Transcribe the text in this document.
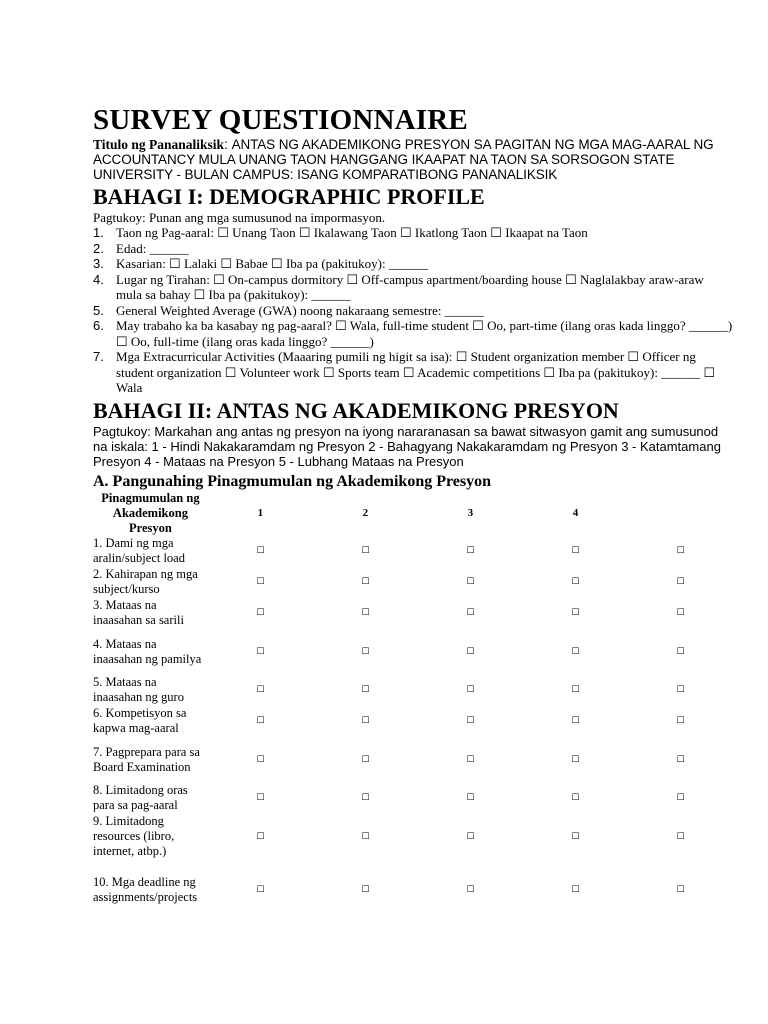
SURVEY QUESTIONNAIRE

Titulo ng Pananaliksik: ANTAS NG AKADEMIKONG PRESYON SA PAGITAN NG MGA MAG-AARAL NG ACCOUNTANCY MULA UNANG TAON HANGGANG IKAAPAT NA TAON SA SORSOGON STATE UNIVERSITY - BULAN CAMPUS: ISANG KOMPARATIBONG PANANALIKSIK

BAHAGI I: DEMOGRAPHIC PROFILE

Pagtukoy: Punan ang mga sumusunod na impormasyon.

1. Taon ng Pag-aaral: ☐ Unang Taon ☐ Ikalawang Taon ☐ Ikatlong Taon ☐ Ikaapat na Taon
2. Edad: ______
3. Kasarian: ☐ Lalaki ☐ Babae ☐ Iba pa (pakitukoy): ______
4. Lugar ng Tirahan: ☐ On-campus dormitory ☐ Off-campus apartment/boarding house ☐ Naglalakbay araw-araw mula sa bahay ☐ Iba pa (pakitukoy): ______
5. General Weighted Average (GWA) noong nakaraang semestre: ______
6. May trabaho ka ba kasabay ng pag-aaral? ☐ Wala, full-time student ☐ Oo, part-time (ilang oras kada linggo? ______) ☐ Oo, full-time (ilang oras kada linggo? ______)
7. Mga Extracurricular Activities (Maaaring pumili ng higit sa isa): ☐ Student organization member ☐ Officer ng student organization ☐ Volunteer work ☐ Sports team ☐ Academic competitions ☐ Iba pa (pakitukoy): ______ ☐ Wala
BAHAGI II: ANTAS NG AKADEMIKONG PRESYON

Pagtukoy: Markahan ang antas ng presyon na iyong nararanasan sa bawat sitwasyon gamit ang sumusunod na iskala: 1 - Hindi Nakakaramdam ng Presyon 2 - Bahagyang Nakakaramdam ng Presyon 3 - Katamtamang Presyon 4 - Mataas na Presyon 5 - Lubhang Mataas na Presyon

A. Pangunahing Pinagmumulan ng Akademikong Presyon
Pinagmumulan ng Akademikong Presyon	1	2	3	4	
1. Dami ng mga aralin/subject load	☐	☐	☐	☐	☐
2. Kahirapan ng mga subject/kurso	☐	☐	☐	☐	☐
3. Mataas na inaasahan sa sarili	☐	☐	☐	☐	☐
4. Mataas na inaasahan ng pamilya	☐	☐	☐	☐	☐
5. Mataas na inaasahan ng guro	☐	☐	☐	☐	☐
6. Kompetisyon sa kapwa mag-aaral	☐	☐	☐	☐	☐
7. Pagprepara para sa Board Examination	☐	☐	☐	☐	☐
8. Limitadong oras para sa pag-aaral	☐	☐	☐	☐	☐
9. Limitadong resources (libro, internet, atbp.)	☐	☐	☐	☐	☐
10. Mga deadline ng assignments/projects	☐	☐	☐	☐	☐
